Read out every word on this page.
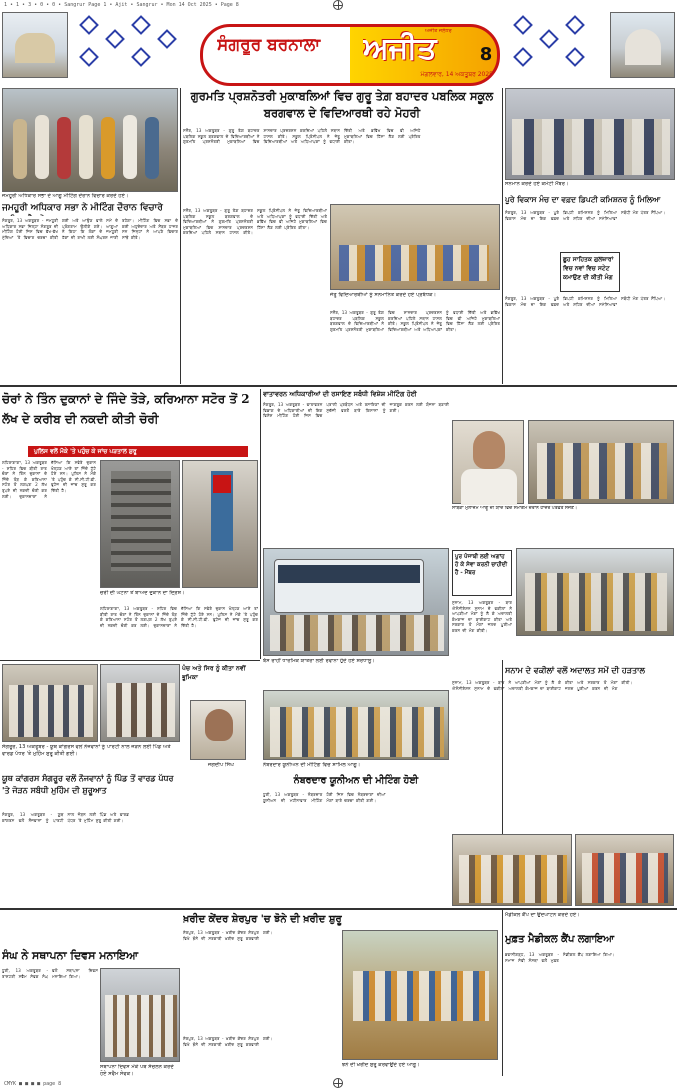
1 • 1 • 3 • 0 • 0 • Sangrur Page 1 • Ajit • Sangrur • Mon 14 Oct 2025 • Page 8
ਸੰਗਰੂਰ ਬਰਨਾਲਾ
ਅਜੀਤ ਜਲੰਧਰ
ਅਜੀਤ
ਮੰਗਲਵਾਰ, 14 ਅਕਤੂਬਰ 2025
8
ਜਮਹੂਰੀ ਅਧਿਕਾਰ ਸਭਾ ਦੇ ਆਗੂ ਮੀਟਿੰਗ ਦੌਰਾਨ ਵਿਚਾਰ ਕਰਦੇ ਹੋਏ।
ਜਮਹੂਰੀ ਅਧਿਕਾਰ ਸਭਾ ਨੇ ਮੀਟਿੰਗ ਦੌਰਾਨ ਵਿਚਾਰੇ
ਸੰਗਰੂਰ, 13 ਅਕਤੂਬਰ - ਜਮਹੂਰੀ ਅਧਿਕਾਰ ਸਭਾ ਜ਼ਿਲ੍ਹਾ ਸੰਗਰੂਰ ਦੀ ਮੀਟਿੰਗ ਹੋਈ ਜਿਸ ਵਿਚ ਵੱਖ-ਵੱਖ ਮੁੱਦਿਆਂ 'ਤੇ ਵਿਚਾਰ ਚਰਚਾ ਕੀਤੀ ਗਈ ਅਤੇ ਆਉਣ ਵਾਲੇ ਸਮੇਂ ਦੇ ਪ੍ਰੋਗਰਾਮ ਉਲੀਕੇ ਗਏ। ਆਗੂਆਂ ਨੇ ਕਿਹਾ ਕਿ ਲੋਕਾਂ ਦੇ ਜਮਹੂਰੀ ਹੱਕਾਂ ਦੀ ਰਾਖੀ ਲਈ ਸੰਘਰਸ਼ ਜਾਰੀ ਰਹੇਗਾ। ਮੀਟਿੰਗ ਵਿਚ ਸਭਾ ਦੇ ਕਈ ਅਹੁਦੇਦਾਰ ਅਤੇ ਮੈਂਬਰ ਹਾਜ਼ਰ ਸਨ ਜਿਨ੍ਹਾਂ ਨੇ ਆਪਣੇ ਵਿਚਾਰ ਸਾਂਝੇ ਕੀਤੇ।
ਗੁਰਮਤਿ ਪ੍ਰਸ਼ਨੋਤਰੀ ਮੁਕਾਬਲਿਆਂ ਵਿਚ ਗੁਰੂ ਤੇਗ਼ ਬਹਾਦਰ ਪਬਲਿਕ ਸਕੂਲ ਬਰਗਵਾਲ ਦੇ ਵਿਦਿਆਰਥੀ ਰਹੇ ਮੋਹਰੀ
ਸਨੌਰ, 13 ਅਕਤੂਬਰ - ਗੁਰੂ ਤੇਗ਼ ਬਹਾਦਰ ਪਬਲਿਕ ਸਕੂਲ ਬਰਗਵਾਲ ਦੇ ਵਿਦਿਆਰਥੀਆਂ ਨੇ ਗੁਰਮਤਿ ਪ੍ਰਸ਼ਨੋਤਰੀ ਮੁਕਾਬਲਿਆਂ ਵਿਚ ਸ਼ਾਨਦਾਰ ਪ੍ਰਦਰਸ਼ਨ ਕਰਦਿਆਂ ਪਹਿਲੇ ਸਥਾਨ ਹਾਸਲ ਕੀਤੇ। ਸਕੂਲ ਪ੍ਰਿੰਸੀਪਲ ਨੇ ਜੇਤੂ ਵਿਦਿਆਰਥੀਆਂ ਅਤੇ ਅਧਿਆਪਕਾਂ ਨੂੰ ਵਧਾਈ ਦਿੱਤੀ ਅਤੇ ਭਵਿੱਖ ਵਿਚ ਵੀ ਅਜਿਹੇ ਮੁਕਾਬਲਿਆਂ ਵਿਚ ਹਿੱਸਾ ਲੈਣ ਲਈ ਪ੍ਰੇਰਿਤ ਕੀਤਾ।
ਜੇਤੂ ਵਿਦਿਆਰਥੀਆਂ ਨੂੰ ਸਨਮਾਨਿਤ ਕਰਦੇ ਹੋਏ ਪ੍ਰਬੰਧਕ।
ਸਨੌਰ, 13 ਅਕਤੂਬਰ - ਗੁਰੂ ਤੇਗ਼ ਬਹਾਦਰ ਪਬਲਿਕ ਸਕੂਲ ਬਰਗਵਾਲ ਦੇ ਵਿਦਿਆਰਥੀਆਂ ਨੇ ਗੁਰਮਤਿ ਪ੍ਰਸ਼ਨੋਤਰੀ ਮੁਕਾਬਲਿਆਂ ਵਿਚ ਸ਼ਾਨਦਾਰ ਪ੍ਰਦਰਸ਼ਨ ਕਰਦਿਆਂ ਪਹਿਲੇ ਸਥਾਨ ਹਾਸਲ ਕੀਤੇ। ਸਕੂਲ ਪ੍ਰਿੰਸੀਪਲ ਨੇ ਜੇਤੂ ਵਿਦਿਆਰਥੀਆਂ ਅਤੇ ਅਧਿਆਪਕਾਂ ਨੂੰ ਵਧਾਈ ਦਿੱਤੀ ਅਤੇ ਭਵਿੱਖ ਵਿਚ ਵੀ ਅਜਿਹੇ ਮੁਕਾਬਲਿਆਂ ਵਿਚ ਹਿੱਸਾ ਲੈਣ ਲਈ ਪ੍ਰੇਰਿਤ ਕੀਤਾ।
ਸਨੌਰ, 13 ਅਕਤੂਬਰ - ਗੁਰੂ ਤੇਗ਼ ਬਹਾਦਰ ਪਬਲਿਕ ਸਕੂਲ ਬਰਗਵਾਲ ਦੇ ਵਿਦਿਆਰਥੀਆਂ ਨੇ ਗੁਰਮਤਿ ਪ੍ਰਸ਼ਨੋਤਰੀ ਮੁਕਾਬਲਿਆਂ ਵਿਚ ਸ਼ਾਨਦਾਰ ਪ੍ਰਦਰਸ਼ਨ ਕਰਦਿਆਂ ਪਹਿਲੇ ਸਥਾਨ ਹਾਸਲ ਕੀਤੇ। ਸਕੂਲ ਪ੍ਰਿੰਸੀਪਲ ਨੇ ਜੇਤੂ ਵਿਦਿਆਰਥੀਆਂ ਅਤੇ ਅਧਿਆਪਕਾਂ ਨੂੰ ਵਧਾਈ ਦਿੱਤੀ ਅਤੇ ਭਵਿੱਖ ਵਿਚ ਵੀ ਅਜਿਹੇ ਮੁਕਾਬਲਿਆਂ ਵਿਚ ਹਿੱਸਾ ਲੈਣ ਲਈ ਪ੍ਰੇਰਿਤ ਕੀਤਾ।
ਸਨਮਾਨ ਕਰਦੇ ਹੋਏ ਕਮੇਟੀ ਮੈਂਬਰ।
ਪੂਰੇ ਵਿਕਾਸ ਮੰਚ ਦਾ ਵਫ਼ਦ ਡਿਪਟੀ ਕਮਿਸ਼ਨਰ ਨੂੰ ਮਿਲਿਆ
ਸੰਗਰੂਰ, 13 ਅਕਤੂਬਰ - ਪੂਰੇ ਵਿਕਾਸ ਮੰਚ ਦਾ ਇਕ ਵਫ਼ਦ ਡਿਪਟੀ ਕਮਿਸ਼ਨਰ ਨੂੰ ਮਿਲਿਆ ਅਤੇ ਸ਼ਹਿਰ ਦੀਆਂ ਸਮੱਸਿਆਵਾਂ ਸਬੰਧੀ ਮੰਗ ਪੱਤਰ ਸੌਂਪਿਆ।
ਛੂਹ ਸਾਹਿਤਕ ਗੁਲਜ਼ਾਰਾਂ ਵਿਚ ਨਵਾਂ ਵਿਚ ਸਟੇਟ ਕਮਾਉਣ ਦੀ ਕੀਤੀ ਮੰਗ
ਸੰਗਰੂਰ, 13 ਅਕਤੂਬਰ - ਪੂਰੇ ਵਿਕਾਸ ਮੰਚ ਦਾ ਇਕ ਵਫ਼ਦ ਡਿਪਟੀ ਕਮਿਸ਼ਨਰ ਨੂੰ ਮਿਲਿਆ ਅਤੇ ਸ਼ਹਿਰ ਦੀਆਂ ਸਮੱਸਿਆਵਾਂ ਸਬੰਧੀ ਮੰਗ ਪੱਤਰ ਸੌਂਪਿਆ।
ਚੋਰਾਂ ਨੇ ਤਿੰਨ ਦੁਕਾਨਾਂ ਦੇ ਜਿੰਦੇ ਤੋੜੇ, ਕਰਿਆਨਾ ਸਟੋਰ ਤੋਂ 2 ਲੱਖ ਦੇ ਕਰੀਬ ਦੀ ਨਕਦੀ ਕੀਤੀ ਚੋਰੀ
ਪੁਲਿਸ ਵਲੋਂ ਮੌਕੇ 'ਤੇ ਪਹੁੰਚ ਕੇ ਜਾਂਚ ਪੜਤਾਲ ਸ਼ੁਰੂ
ਲਹਿਰਾਗਾਗਾ, 13 ਅਕਤੂਬਰ - ਸ਼ਹਿਰ ਵਿਚ ਬੀਤੀ ਰਾਤ ਚੋਰਾਂ ਨੇ ਤਿੰਨ ਦੁਕਾਨਾਂ ਦੇ ਜਿੰਦੇ ਤੋੜ ਕੇ ਕਰਿਆਨਾ ਸਟੋਰ ਤੋਂ ਲਗਪਗ 2 ਲੱਖ ਰੁਪਏ ਦੀ ਨਕਦੀ ਚੋਰੀ ਕਰ ਲਈ। ਦੁਕਾਨਦਾਰਾਂ ਨੇ ਦੱਸਿਆ ਕਿ ਸਵੇਰੇ ਦੁਕਾਨ ਖੋਲ੍ਹਣ ਆਏ ਤਾਂ ਜਿੰਦੇ ਟੁੱਟੇ ਹੋਏ ਸਨ। ਪੁਲਿਸ ਨੇ ਮੌਕੇ 'ਤੇ ਪਹੁੰਚ ਕੇ ਸੀ.ਸੀ.ਟੀ.ਵੀ. ਫੁਟੇਜ ਦੀ ਜਾਂਚ ਸ਼ੁਰੂ ਕਰ ਦਿੱਤੀ ਹੈ।
ਚੋਰੀ ਦੀ ਘਟਨਾ ਤੋਂ ਬਾਅਦ ਦੁਕਾਨ ਦਾ ਦ੍ਰਿਸ਼।
ਲਹਿਰਾਗਾਗਾ, 13 ਅਕਤੂਬਰ - ਸ਼ਹਿਰ ਵਿਚ ਬੀਤੀ ਰਾਤ ਚੋਰਾਂ ਨੇ ਤਿੰਨ ਦੁਕਾਨਾਂ ਦੇ ਜਿੰਦੇ ਤੋੜ ਕੇ ਕਰਿਆਨਾ ਸਟੋਰ ਤੋਂ ਲਗਪਗ 2 ਲੱਖ ਰੁਪਏ ਦੀ ਨਕਦੀ ਚੋਰੀ ਕਰ ਲਈ। ਦੁਕਾਨਦਾਰਾਂ ਨੇ ਦੱਸਿਆ ਕਿ ਸਵੇਰੇ ਦੁਕਾਨ ਖੋਲ੍ਹਣ ਆਏ ਤਾਂ ਜਿੰਦੇ ਟੁੱਟੇ ਹੋਏ ਸਨ। ਪੁਲਿਸ ਨੇ ਮੌਕੇ 'ਤੇ ਪਹੁੰਚ ਕੇ ਸੀ.ਸੀ.ਟੀ.ਵੀ. ਫੁਟੇਜ ਦੀ ਜਾਂਚ ਸ਼ੁਰੂ ਕਰ ਦਿੱਤੀ ਹੈ।
ਵਾਤਾਵਰਨ ਅਧਿਕਾਰੀਆਂ ਦੀ ਰਸਾਇਣ ਸਬੰਧੀ ਵਿਸ਼ੇਸ਼ ਮੀਟਿੰਗ ਹੋਈ
ਸੰਗਰੂਰ, 13 ਅਕਤੂਬਰ - ਵਾਤਾਵਰਨ ਵਿਭਾਗ ਦੇ ਅਧਿਕਾਰੀਆਂ ਦੀ ਇਕ ਵਿਸ਼ੇਸ਼ ਮੀਟਿੰਗ ਹੋਈ ਜਿਸ ਵਿਚ ਪਰਾਲੀ ਪ੍ਰਬੰਧਨ ਅਤੇ ਰਸਾਇਣਾਂ ਦੀ ਸੁਚੱਜੀ ਵਰਤੋਂ ਬਾਰੇ ਕਿਸਾਨਾਂ ਨੂੰ ਜਾਗਰੂਕ ਕਰਨ ਲਈ ਯੋਜਨਾ ਬਣਾਈ ਗਈ।
ਸਾਬਕਾ ਮੁਲਾਜ਼ਮ ਆਗੂ ਦੀ ਯਾਦ ਵਿਚ ਸਮਾਗਮ ਦੌਰਾਨ ਹਾਜ਼ਰ ਪਤਵੰਤੇ ਸੱਜਣ।
ਬੱਸ ਰਾਹੀਂ ਧਾਰਮਿਕ ਯਾਤਰਾ ਲਈ ਰਵਾਨਾ ਹੁੰਦੇ ਹੋਏ ਸ਼ਰਧਾਲੂ।
ਪੂਰ ਪੰਜਾਬੀ ਲਈ ਅਗਾਂਹ ਹੋ ਕੇ ਸੇਵਾ ਕਰਨੀ ਚਾਹੀਦੀ ਹੈ - ਮੈਂਬਰ
ਸੁਨਾਮ, 13 ਅਕਤੂਬਰ - ਬਾਰ ਐਸੋਸੀਏਸ਼ਨ ਸੁਨਾਮ ਦੇ ਵਕੀਲਾਂ ਨੇ ਆਪਣੀਆਂ ਮੰਗਾਂ ਨੂੰ ਲੈ ਕੇ ਅਦਾਲਤੀ ਕੰਮਕਾਜ ਦਾ ਬਾਈਕਾਟ ਕੀਤਾ ਅਤੇ ਸਰਕਾਰ ਤੋਂ ਮੰਗਾਂ ਜਲਦ ਪੂਰੀਆਂ ਕਰਨ ਦੀ ਮੰਗ ਕੀਤੀ।
ਪੰਚ ਅਤੇ ਸਿਰ ਨੂੰ ਕੀਤਾ ਨਵੀਂ ਭੂਮਿਕਾ
ਜਗਦੀਪ ਸਿੰਘ
ਸੰਗਰੂਰ, 13 ਅਕਤੂਬਰ - ਯੂਥ ਕਾਂਗਰਸ ਵਲੋਂ ਨੌਜਵਾਨਾਂ ਨੂੰ ਪਾਰਟੀ ਨਾਲ ਜੋੜਨ ਲਈ ਪਿੰਡ ਅਤੇ ਵਾਰਡ ਪੱਧਰ 'ਤੇ ਮੁਹਿੰਮ ਸ਼ੁਰੂ ਕੀਤੀ ਗਈ।
ਯੂਥ ਕਾਂਗਰਸ ਸੰਗਰੂਰ ਵਲੋਂ ਨੌਜਵਾਨਾਂ ਨੂੰ ਪਿੰਡ ਤੋਂ ਵਾਰਡ ਪੱਧਰ 'ਤੇ ਜੋੜਨ ਸਬੰਧੀ ਮੁਹਿੰਮ ਦੀ ਸ਼ੁਰੂਆਤ
ਸੰਗਰੂਰ, 13 ਅਕਤੂਬਰ - ਯੂਥ ਕਾਂਗਰਸ ਵਲੋਂ ਨੌਜਵਾਨਾਂ ਨੂੰ ਪਾਰਟੀ ਨਾਲ ਜੋੜਨ ਲਈ ਪਿੰਡ ਅਤੇ ਵਾਰਡ ਪੱਧਰ 'ਤੇ ਮੁਹਿੰਮ ਸ਼ੁਰੂ ਕੀਤੀ ਗਈ।
ਨੰਬਰਦਾਰ ਯੂਨੀਅਨ ਦੀ ਮੀਟਿੰਗ ਵਿਚ ਸ਼ਾਮਿਲ ਆਗੂ।
ਨੰਬਰਦਾਰ ਯੂਨੀਅਨ ਦੀ ਮੀਟਿੰਗ ਹੋਈ
ਧੂਰੀ, 13 ਅਕਤੂਬਰ - ਨੰਬਰਦਾਰ ਯੂਨੀਅਨ ਦੀ ਮਹੀਨਾਵਾਰ ਮੀਟਿੰਗ ਹੋਈ ਜਿਸ ਵਿਚ ਨੰਬਰਦਾਰਾਂ ਦੀਆਂ ਮੰਗਾਂ ਬਾਰੇ ਚਰਚਾ ਕੀਤੀ ਗਈ।
ਸਨਾਮ ਦੇ ਵਕੀਲਾਂ ਵਲੋਂ ਅਦਾਲਤ ਸਮੇਂ ਦੀ ਹੜਤਾਲ
ਸੁਨਾਮ, 13 ਅਕਤੂਬਰ - ਬਾਰ ਐਸੋਸੀਏਸ਼ਨ ਸੁਨਾਮ ਦੇ ਵਕੀਲਾਂ ਨੇ ਆਪਣੀਆਂ ਮੰਗਾਂ ਨੂੰ ਲੈ ਕੇ ਅਦਾਲਤੀ ਕੰਮਕਾਜ ਦਾ ਬਾਈਕਾਟ ਕੀਤਾ ਅਤੇ ਸਰਕਾਰ ਤੋਂ ਮੰਗਾਂ ਜਲਦ ਪੂਰੀਆਂ ਕਰਨ ਦੀ ਮੰਗ ਕੀਤੀ।
ਖ਼ਰੀਦ ਕੇਂਦਰ ਸ਼ੇਰਪੁਰ 'ਚ ਝੋਨੇ ਦੀ ਖ਼ਰੀਦ ਸ਼ੁਰੂ
ਸ਼ੇਰਪੁਰ, 13 ਅਕਤੂਬਰ - ਖ਼ਰੀਦ ਕੇਂਦਰ ਸ਼ੇਰਪੁਰ ਵਿਖੇ ਝੋਨੇ ਦੀ ਸਰਕਾਰੀ ਖ਼ਰੀਦ ਸ਼ੁਰੂ ਕਰਵਾਈ ਗਈ।
ਝੋਨੇ ਦੀ ਖ਼ਰੀਦ ਸ਼ੁਰੂ ਕਰਵਾਉਂਦੇ ਹੋਏ ਆਗੂ।
ਸ਼ੇਰਪੁਰ, 13 ਅਕਤੂਬਰ - ਖ਼ਰੀਦ ਕੇਂਦਰ ਸ਼ੇਰਪੁਰ ਵਿਖੇ ਝੋਨੇ ਦੀ ਸਰਕਾਰੀ ਖ਼ਰੀਦ ਸ਼ੁਰੂ ਕਰਵਾਈ ਗਈ।
ਸੰਘ ਨੇ ਸਥਾਪਨਾ ਦਿਵਸ ਮਨਾਇਆ
ਧੂਰੀ, 13 ਅਕਤੂਬਰ - ਰਾਸ਼ਟਰੀ ਸਵੈਮ ਸੇਵਕ ਸੰਘ ਵਲੋਂ ਸਥਾਪਨਾ ਦਿਵਸ ਮਨਾਇਆ ਗਿਆ।
ਸਥਾਪਨਾ ਦਿਵਸ ਮੌਕੇ ਪਥ ਸੰਚਲਨ ਕਰਦੇ ਹੋਏ ਸਵੈਮ ਸੇਵਕ।
ਮੈਡੀਕਲ ਕੈਂਪ ਦਾ ਉਦਘਾਟਨ ਕਰਦੇ ਹੋਏ।
ਮੁਫ਼ਤ ਮੈਡੀਕਲ ਕੈਂਪ ਲਗਾਇਆ
ਭਵਾਨੀਗੜ੍ਹ, 13 ਅਕਤੂਬਰ - ਸਮਾਜ ਸੇਵੀ ਸੰਸਥਾ ਵਲੋਂ ਮੁਫ਼ਤ ਮੈਡੀਕਲ ਕੈਂਪ ਲਗਾਇਆ ਗਿਆ।
CMYK ■ ■ ■ ■ page 8
